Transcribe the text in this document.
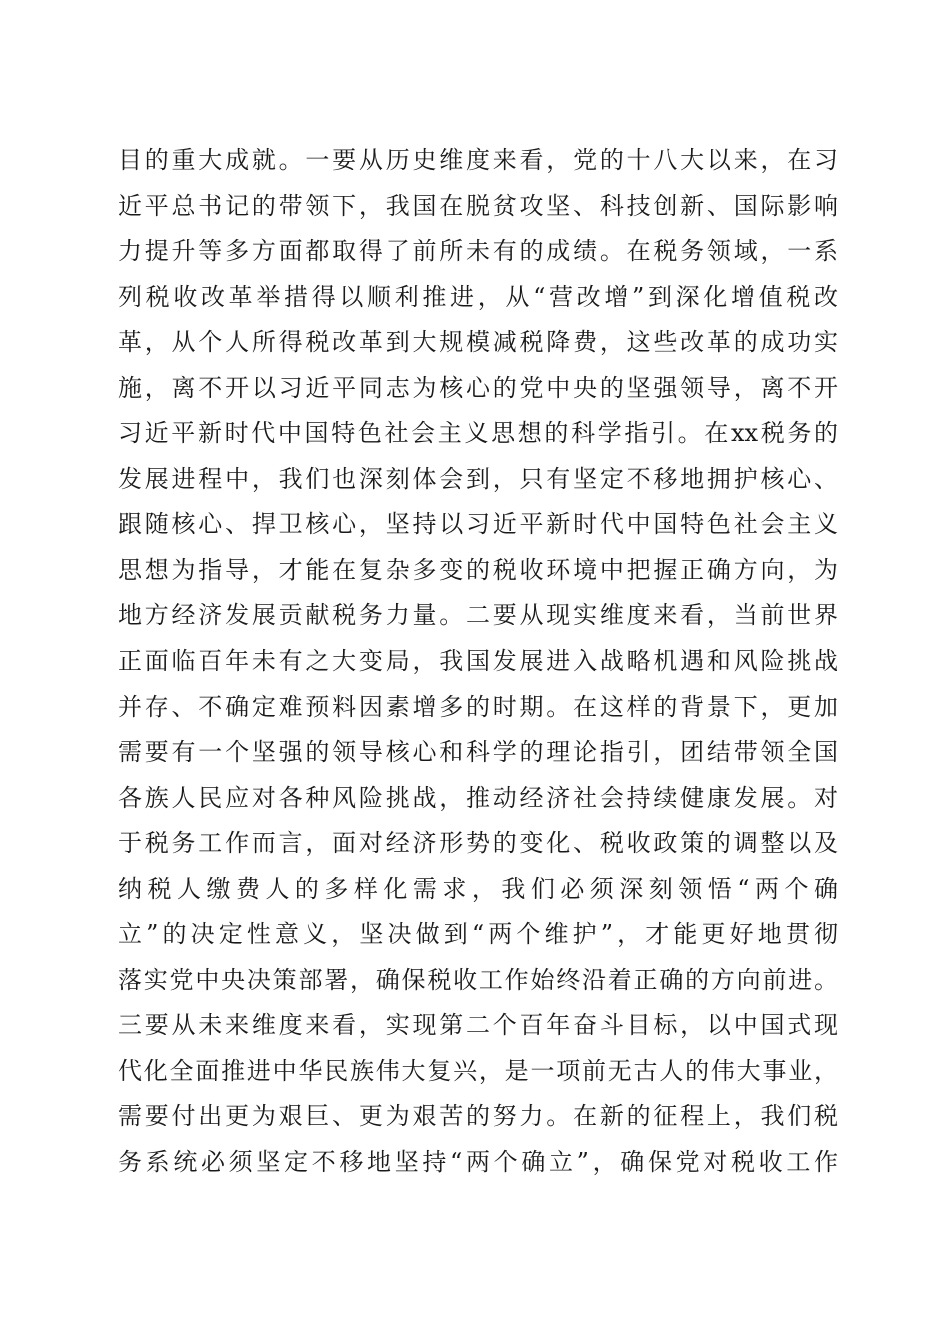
目的重大成就。一要从历史维度来看，党的十八大以来，在习
近平总书记的带领下，我国在脱贫攻坚、科技创新、国际影响
力提升等多方面都取得了前所未有的成绩。在税务领域，一系
列税收改革举措得以顺利推进，从“营改增”到深化增值税改
革，从个人所得税改革到大规模减税降费，这些改革的成功实
施，离不开以习近平同志为核心的党中央的坚强领导，离不开
习近平新时代中国特色社会主义思想的科学指引。在xx税务的
发展进程中，我们也深刻体会到，只有坚定不移地拥护核心、
跟随核心、捍卫核心，坚持以习近平新时代中国特色社会主义
思想为指导，才能在复杂多变的税收环境中把握正确方向，为
地方经济发展贡献税务力量。二要从现实维度来看，当前世界
正面临百年未有之大变局，我国发展进入战略机遇和风险挑战
并存、不确定难预料因素增多的时期。在这样的背景下，更加
需要有一个坚强的领导核心和科学的理论指引，团结带领全国
各族人民应对各种风险挑战，推动经济社会持续健康发展。对
于税务工作而言，面对经济形势的变化、税收政策的调整以及
纳税人缴费人的多样化需求，我们必须深刻领悟“两个确
立”的决定性意义，坚决做到“两个维护”，才能更好地贯彻
落实党中央决策部署，确保税收工作始终沿着正确的方向前进。
三要从未来维度来看，实现第二个百年奋斗目标，以中国式现
代化全面推进中华民族伟大复兴，是一项前无古人的伟大事业，
需要付出更为艰巨、更为艰苦的努力。在新的征程上，我们税
务系统必须坚定不移地坚持“两个确立”，确保党对税收工作
